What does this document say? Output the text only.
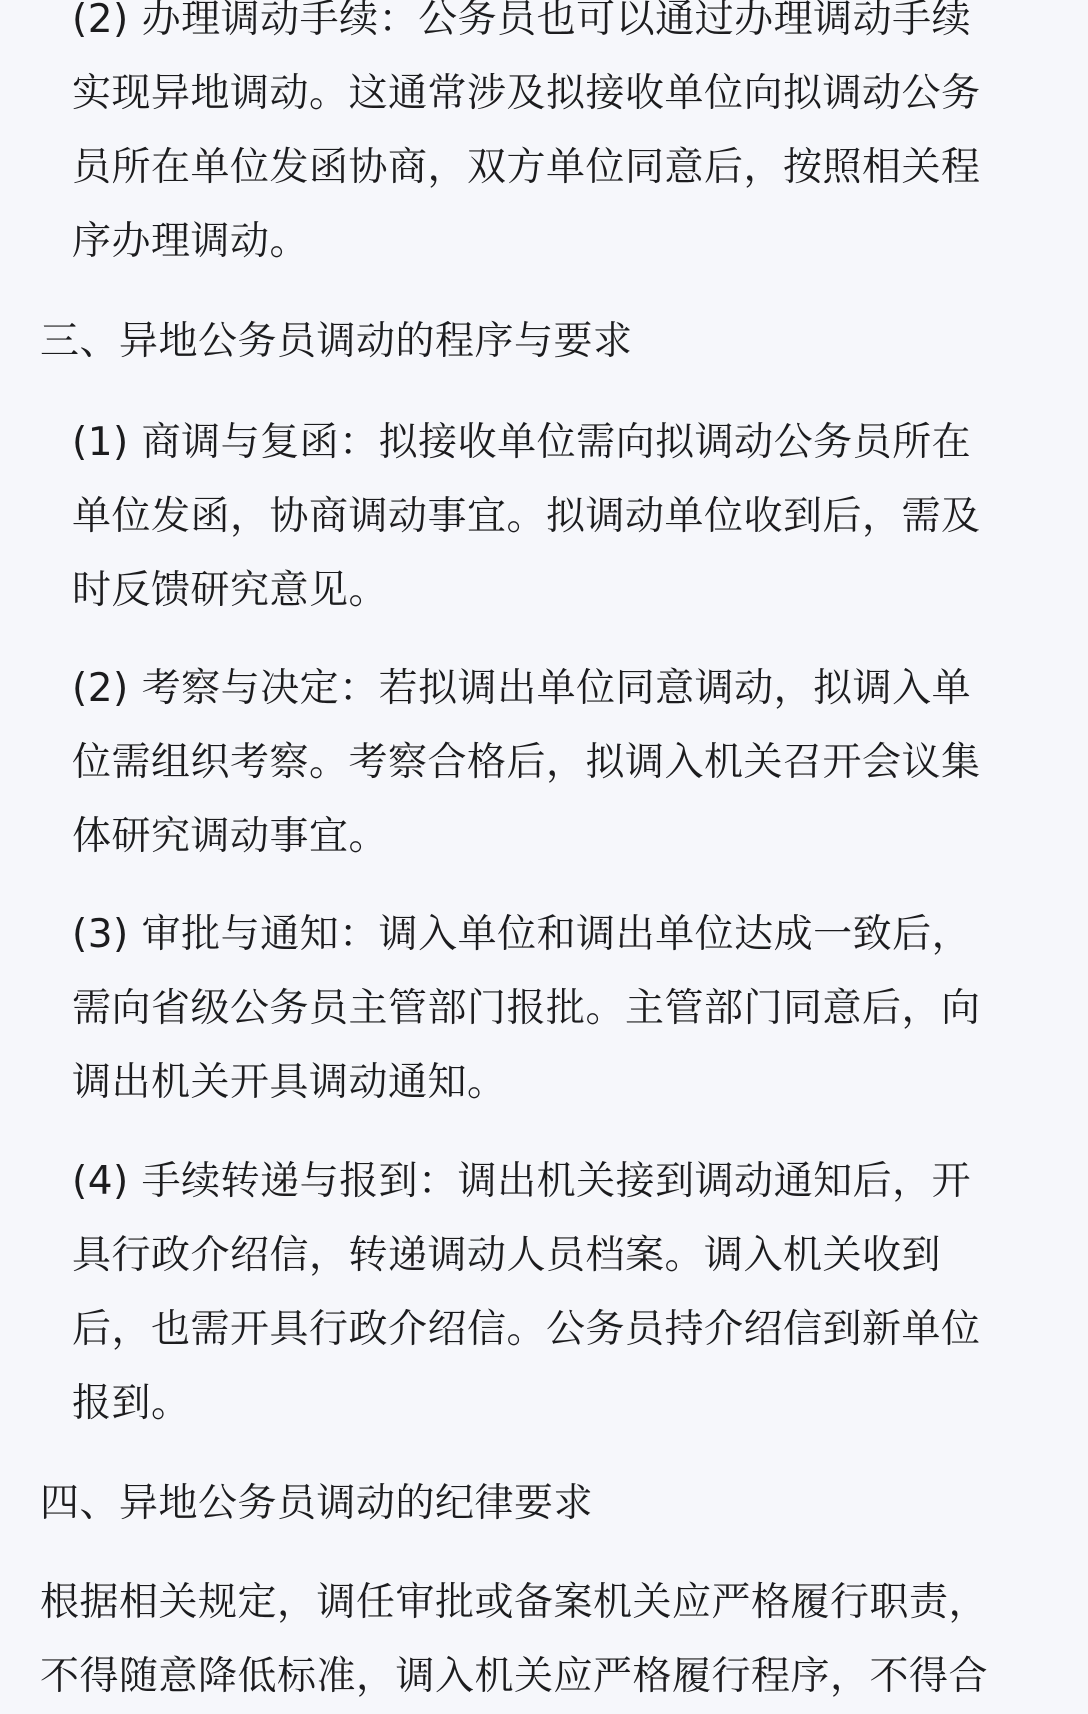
(2) 办理调动手续：公务员也可以通过办理调动手续
实现异地调动。这通常涉及拟接收单位向拟调动公务
员所在单位发函协商，双方单位同意后，按照相关程
序办理调动。

三、异地公务员调动的程序与要求

(1) 商调与复函：拟接收单位需向拟调动公务员所在
单位发函，协商调动事宜。拟调动单位收到后，需及
时反馈研究意见。

(2) 考察与决定：若拟调出单位同意调动，拟调入单
位需组织考察。考察合格后，拟调入机关召开会议集
体研究调动事宜。

(3) 审批与通知：调入单位和调出单位达成一致后，
需向省级公务员主管部门报批。主管部门同意后，向
调出机关开具调动通知。

(4) 手续转递与报到：调出机关接到调动通知后，开
具行政介绍信，转递调动人员档案。调入机关收到
后，也需开具行政介绍信。公务员持介绍信到新单位
报到。

四、异地公务员调动的纪律要求

根据相关规定，调任审批或备案机关应严格履行职责，
不得随意降低标准，调入机关应严格履行程序，不得合
